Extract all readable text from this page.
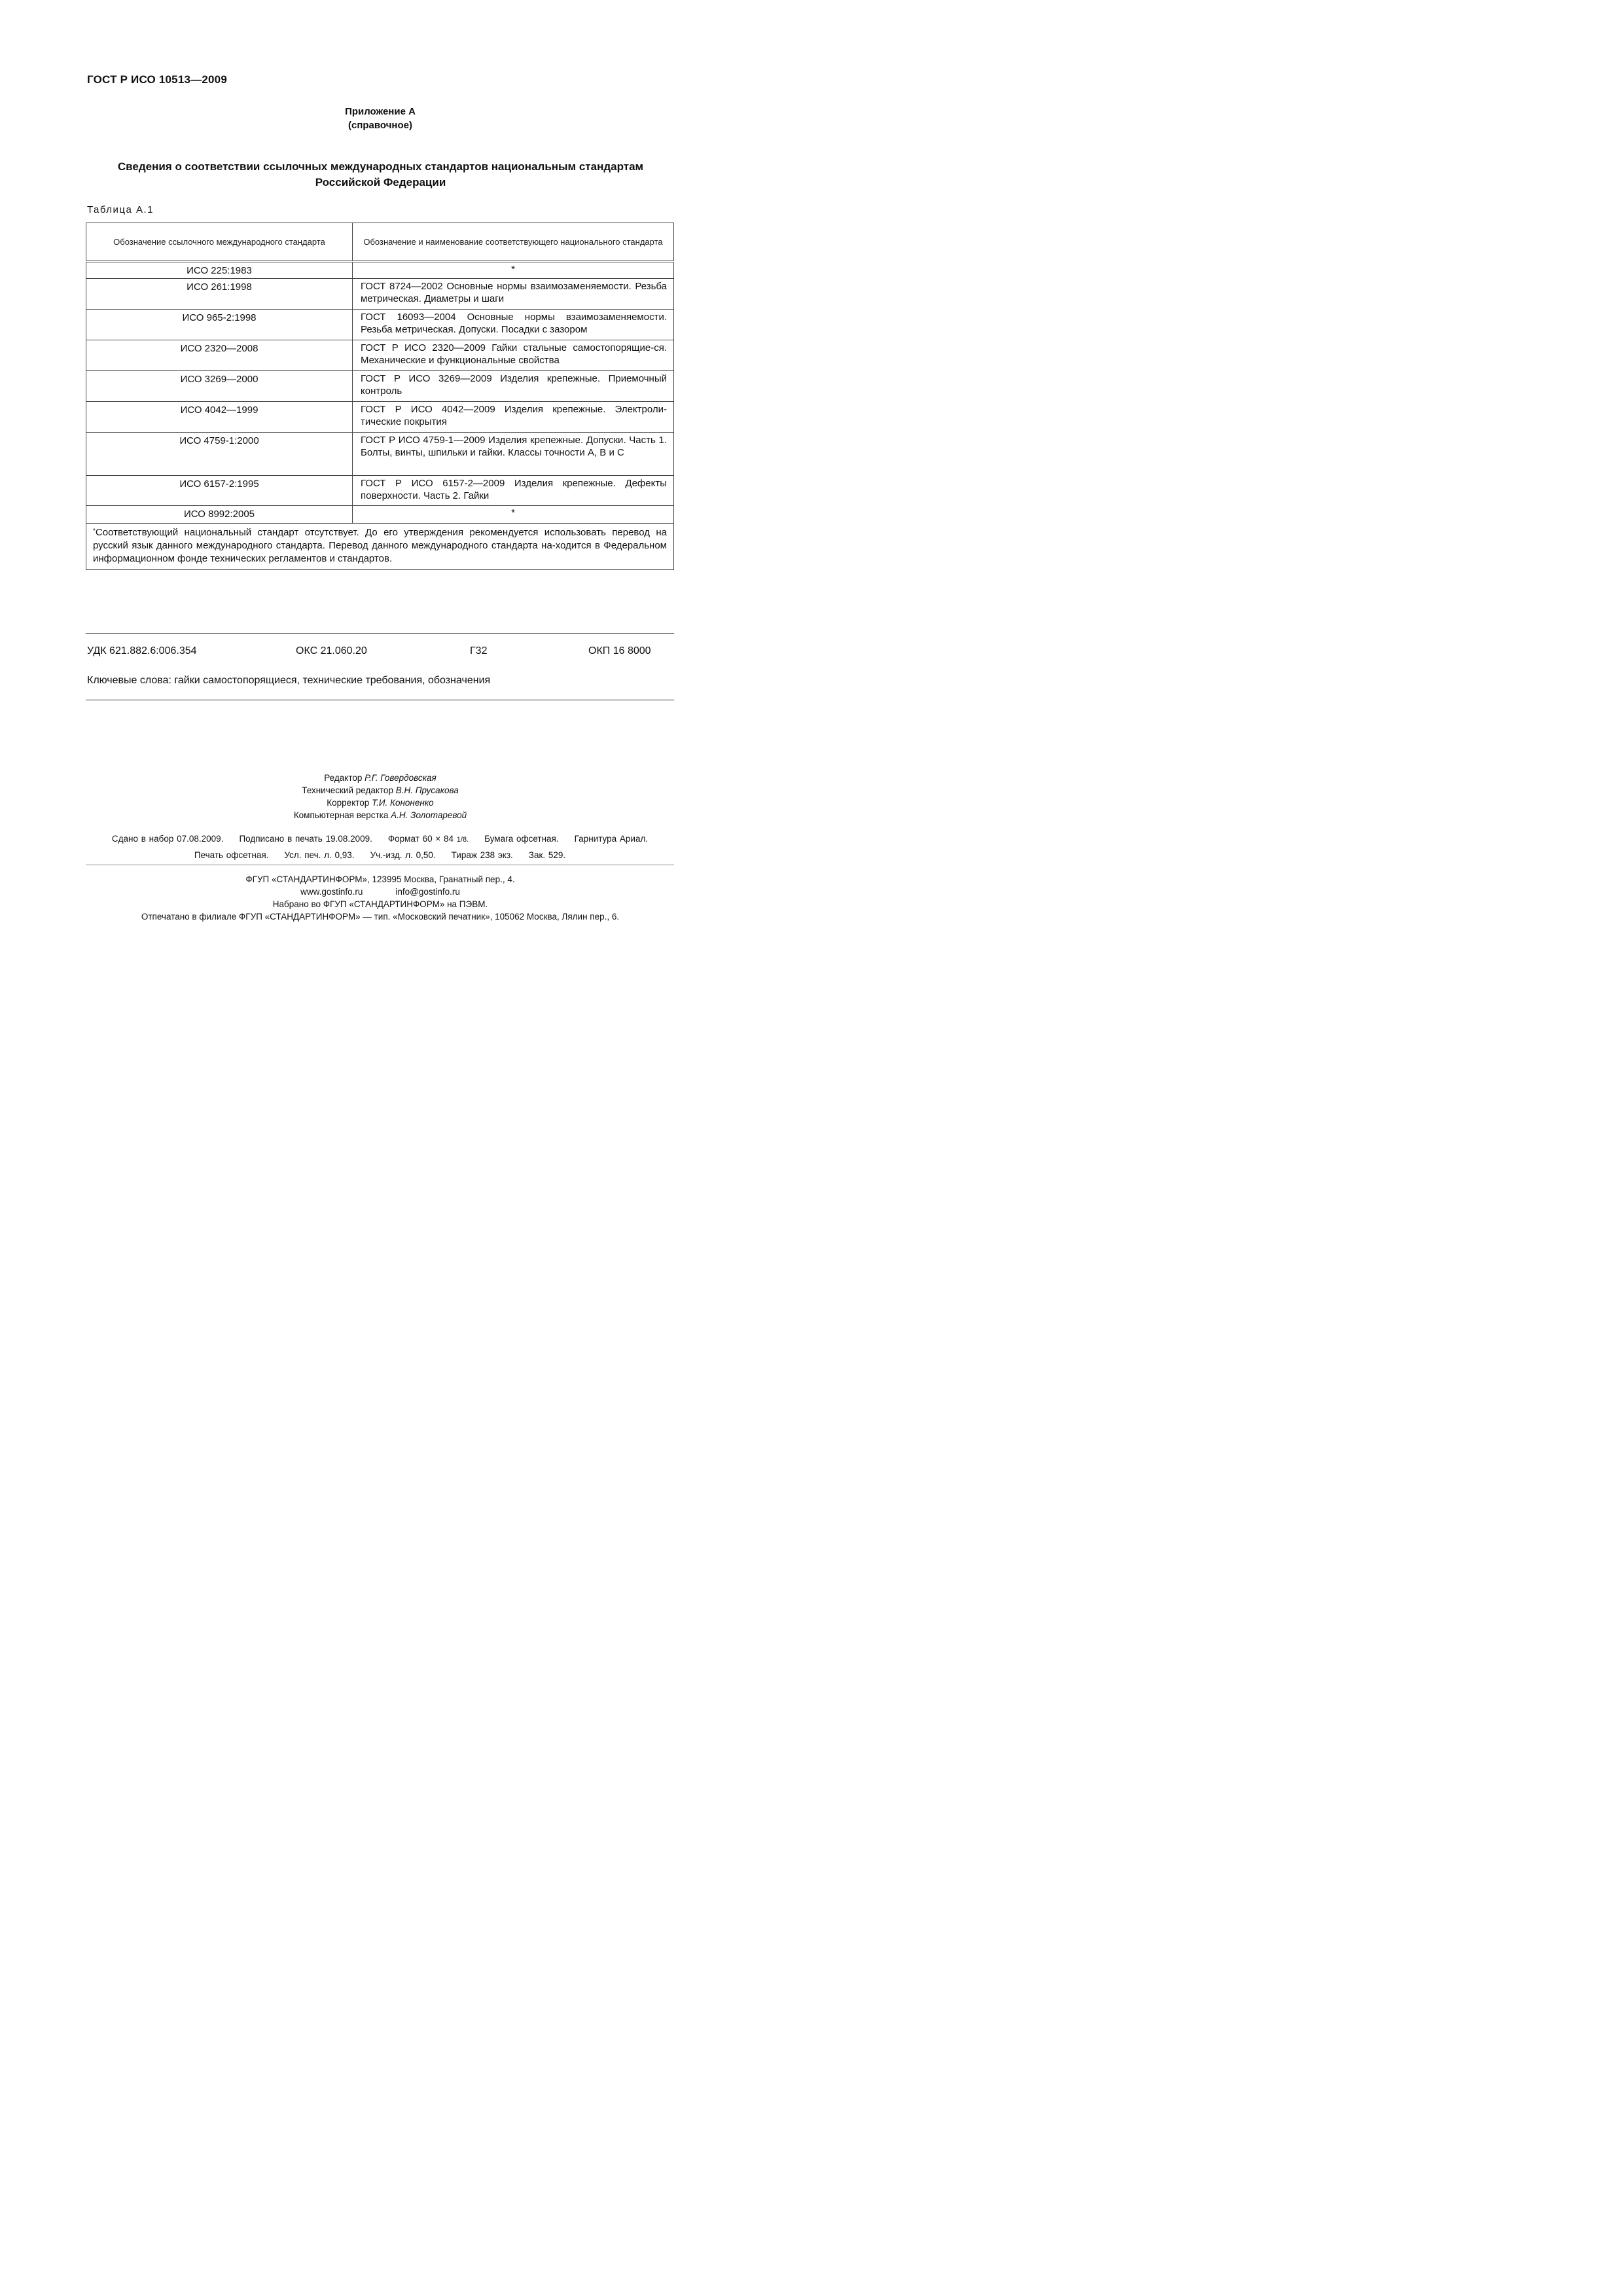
ГОСТ Р ИСО 10513—2009
Приложение А
(справочное)
Сведения о соответствии ссылочных международных стандартов национальным стандартам
Российской Федерации
Таблица А.1
Обозначение ссылочного международного стандарта	Обозначение и наименование соответствующего национального стандарта

ИСО 225:1983	*
ИСО 261:1998	ГОСТ 8724—2002 Основные нормы взаимозаменяемости. Резьба метрическая. Диаметры и шаги
ИСО 965-2:1998	ГОСТ 16093—2004 Основные нормы взаимозаменяемости. Резьба метрическая. Допуски. Посадки с зазором
ИСО 2320—2008	ГОСТ Р ИСО 2320—2009 Гайки стальные самостопорящие-ся. Механические и функциональные свойства
ИСО 3269—2000	ГОСТ Р ИСО 3269—2009 Изделия крепежные. Приемочный контроль
ИСО 4042—1999	ГОСТ Р ИСО 4042—2009 Изделия крепежные. Электроли-тические покрытия
ИСО 4759-1:2000	ГОСТ Р ИСО 4759-1—2009 Изделия крепежные. Допуски. Часть 1. Болты, винты, шпильки и гайки. Классы точности А, В и С
ИСО 6157-2:1995	ГОСТ Р ИСО 6157-2—2009 Изделия крепежные. Дефекты поверхности. Часть 2. Гайки
ИСО 8992:2005	*
*Соответствующий национальный стандарт отсутствует. До его утверждения рекомендуется использовать перевод на русский язык данного международного стандарта. Перевод данного международного стандарта на-ходится в Федеральном информационном фонде технических регламентов и стандартов.	
УДК 621.882.6:006.354	ОКС 21.060.20	Г32	ОКП 16 8000
Ключевые слова: гайки самостопорящиеся, технические требования, обозначения
Редактор Р.Г. Говердовская
Технический редактор В.Н. Прусакова
Корректор Т.И. Кононенко
Компьютерная верстка А.Н. Золотаревой
Сдано в набор 07.08.2009. Подписано в печать 19.08.2009. Формат 60 × 84 1/8. Бумага офсетная. Гарнитура Ариал.
Печать офсетная. Усл. печ. л. 0,93. Уч.-изд. л. 0,50. Тираж 238 экз. Зак. 529.
ФГУП «СТАНДАРТИНФОРМ», 123995 Москва, Гранатный пер., 4.
www.gostinfo.ru	info@gostinfo.ru
Набрано во ФГУП «СТАНДАРТИНФОРМ» на ПЭВМ.
Отпечатано в филиале ФГУП «СТАНДАРТИНФОРМ» — тип. «Московский печатник», 105062 Москва, Лялин пер., 6.
